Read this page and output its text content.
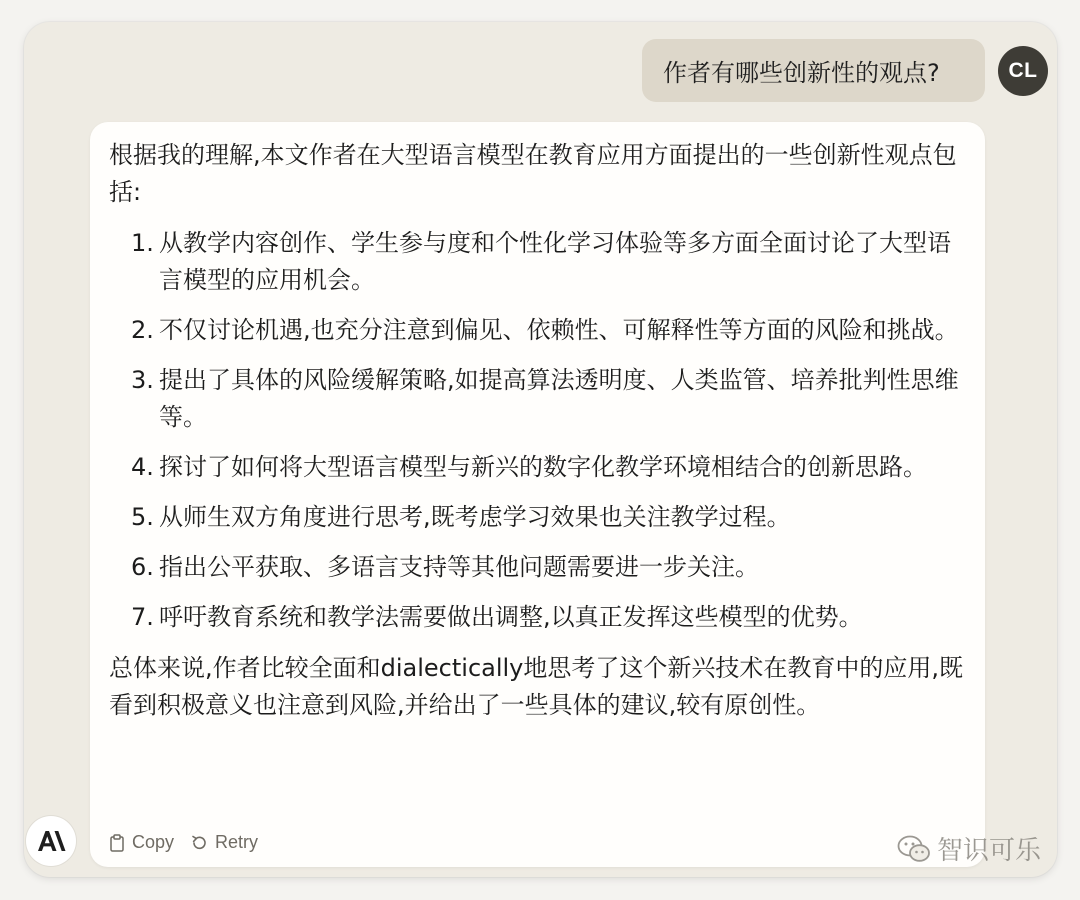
作者有哪些创新性的观点?	CL

根据我的理解,本文作者在大型语言模型在教育应用方面提出的一些创新性观点包括:

1. 从教学内容创作、学生参与度和个性化学习体验等多方面全面讨论了大型语言模型的应用机会。
2. 不仅讨论机遇,也充分注意到偏见、依赖性、可解释性等方面的风险和挑战。
3. 提出了具体的风险缓解策略,如提高算法透明度、人类监管、培养批判性思维等。
4. 探讨了如何将大型语言模型与新兴的数字化教学环境相结合的创新思路。
5. 从师生双方角度进行思考,既考虑学习效果也关注教学过程。
6. 指出公平获取、多语言支持等其他问题需要进一步关注。
7. 呼吁教育系统和教学法需要做出调整,以真正发挥这些模型的优势。

总体来说,作者比较全面和dialectically地思考了这个新兴技术在教育中的应用,既看到积极意义也注意到风险,并给出了一些具体的建议,较有原创性。

Copy Retry	智识可乐
